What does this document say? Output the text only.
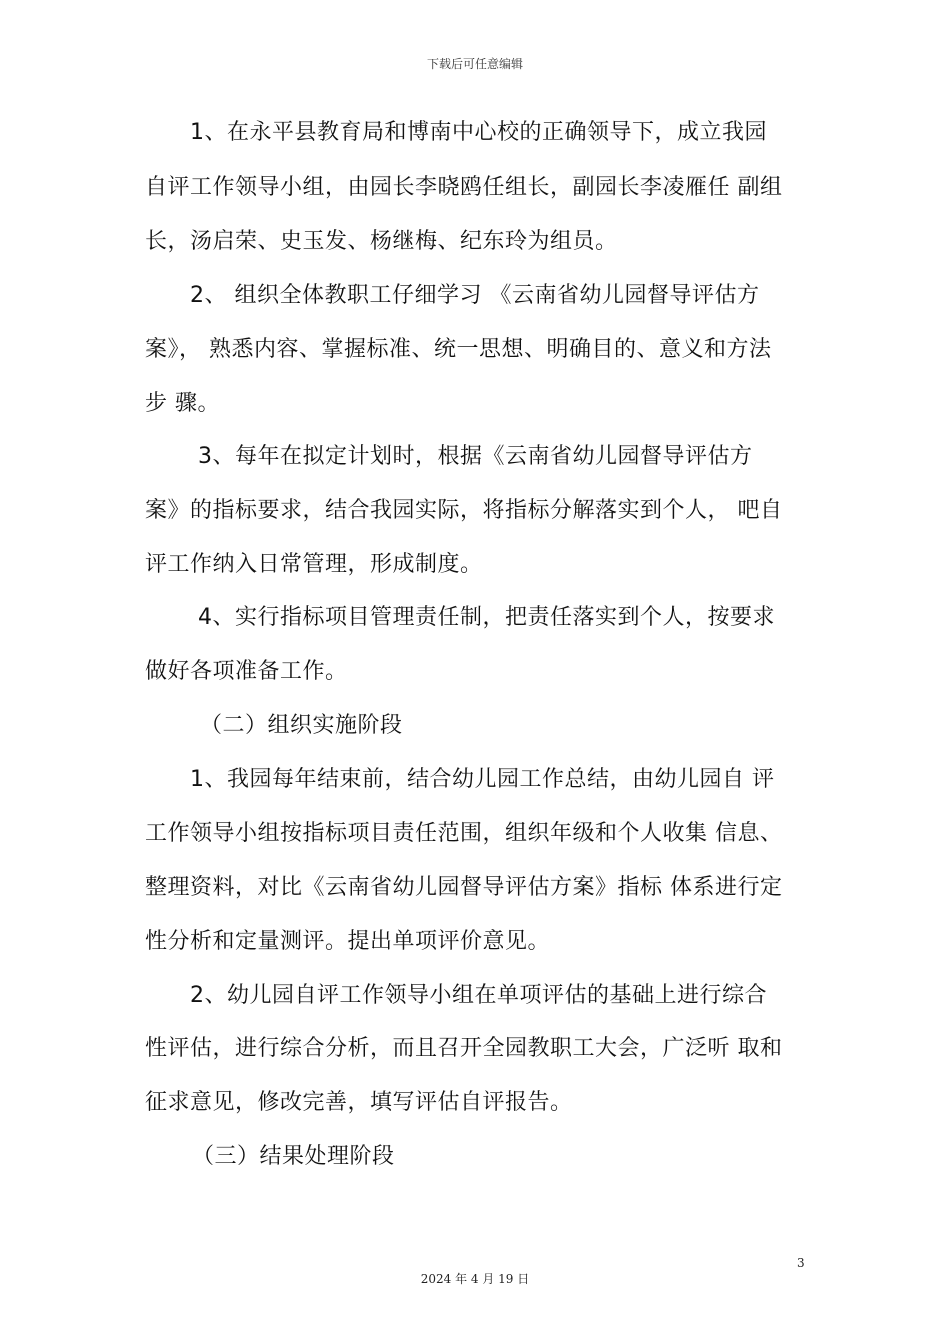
下载后可任意编辑
1、在永平县教育局和博南中心校的正确领导下，成立我园
自评工作领导小组，由园长李晓鸥任组长，副园长李凌雁任 副组
长，汤启荣、史玉发、杨继梅、纪东玲为组员。
2、 组织全体教职工仔细学习 《云南省幼儿园督导评估方
案》， 熟悉内容、掌握标准、统一思想、明确目的、意义和方法
步 骤。
3、每年在拟定计划时，根据《云南省幼儿园督导评估方
案》的指标要求，结合我园实际，将指标分解落实到个人， 吧自
评工作纳入日常管理，形成制度。
4、实行指标项目管理责任制，把责任落实到个人，按要求
做好各项准备工作。
（二）组织实施阶段
1、我园每年结束前，结合幼儿园工作总结，由幼儿园自 评
工作领导小组按指标项目责任范围，组织年级和个人收集 信息、
整理资料，对比《云南省幼儿园督导评估方案》指标 体系进行定
性分析和定量测评。提出单项评价意见。
2、幼儿园自评工作领导小组在单项评估的基础上进行综合
性评估，进行综合分析，而且召开全园教职工大会，广泛听 取和
征求意见，修改完善，填写评估自评报告。
（三）结果处理阶段
3
2024 年 4 月 19 日
